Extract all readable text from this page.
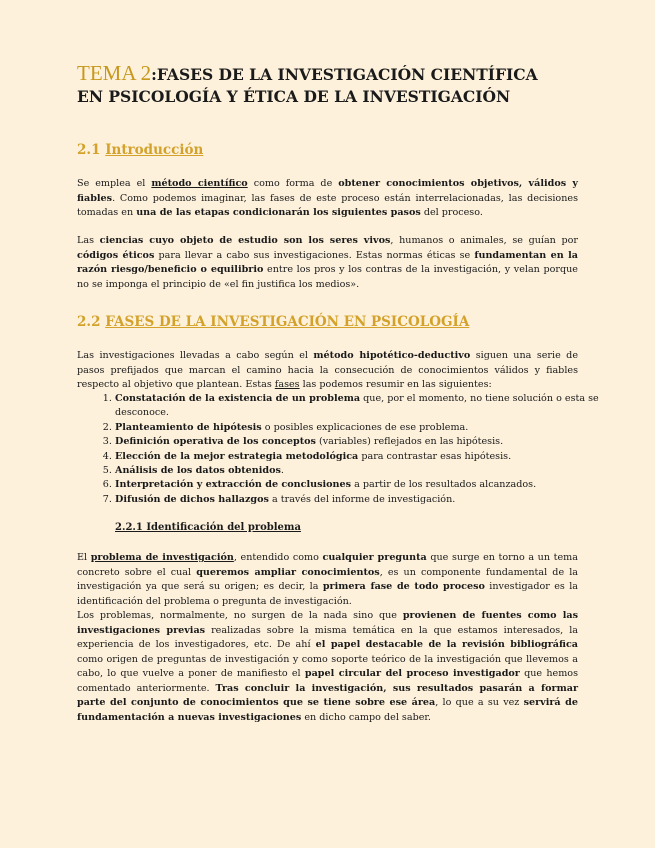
TEMA 2:FASES DE LA INVESTIGACIÓN CIENTÍFICA EN PSICOLOGÍA Y ÉTICA DE LA INVESTIGACIÓN
2.1 Introducción
Se emplea el método científico como forma de obtener conocimientos objetivos, válidos y fiables. Como podemos imaginar, las fases de este proceso están interrelacionadas, las decisiones tomadas en una de las etapas condicionarán los siguientes pasos del proceso.
Las ciencias cuyo objeto de estudio son los seres vivos, humanos o animales, se guían por códigos éticos para llevar a cabo sus investigaciones. Estas normas éticas se fundamentan en la razón riesgo/beneficio o equilibrio entre los pros y los contras de la investigación, y velan porque no se imponga el principio de «el fin justifica los medios».
2.2 FASES DE LA INVESTIGACIÓN EN PSICOLOGÍA
Las investigaciones llevadas a cabo según el método hipotético-deductivo siguen una serie de pasos prefijados que marcan el camino hacia la consecución de conocimientos válidos y fiables respecto al objetivo que plantean. Estas fases las podemos resumir en las siguientes:
1. Constatación de la existencia de un problema que, por el momento, no tiene solución o esta se desconoce.
2. Planteamiento de hipótesis o posibles explicaciones de ese problema.
3. Definición operativa de los conceptos (variables) reflejados en las hipótesis.
4. Elección de la mejor estrategia metodológica para contrastar esas hipótesis.
5. Análisis de los datos obtenidos.
6. Interpretación y extracción de conclusiones a partir de los resultados alcanzados.
7. Difusión de dichos hallazgos a través del informe de investigación.
2.2.1 Identificación del problema
El problema de investigación, entendido como cualquier pregunta que surge en torno a un tema concreto sobre el cual queremos ampliar conocimientos, es un componente fundamental de la investigación ya que será su origen; es decir, la primera fase de todo proceso investigador es la identificación del problema o pregunta de investigación.
Los problemas, normalmente, no surgen de la nada sino que provienen de fuentes como las investigaciones previas realizadas sobre la misma temática en la que estamos interesados, la experiencia de los investigadores, etc. De ahí el papel destacable de la revisión bibliográfica como origen de preguntas de investigación y como soporte teórico de la investigación que llevemos a cabo, lo que vuelve a poner de manifiesto el papel circular del proceso investigador que hemos comentado anteriormente. Tras concluir la investigación, sus resultados pasarán a formar parte del conjunto de conocimientos que se tiene sobre ese área, lo que a su vez servirá de fundamentación a nuevas investigaciones en dicho campo del saber.
